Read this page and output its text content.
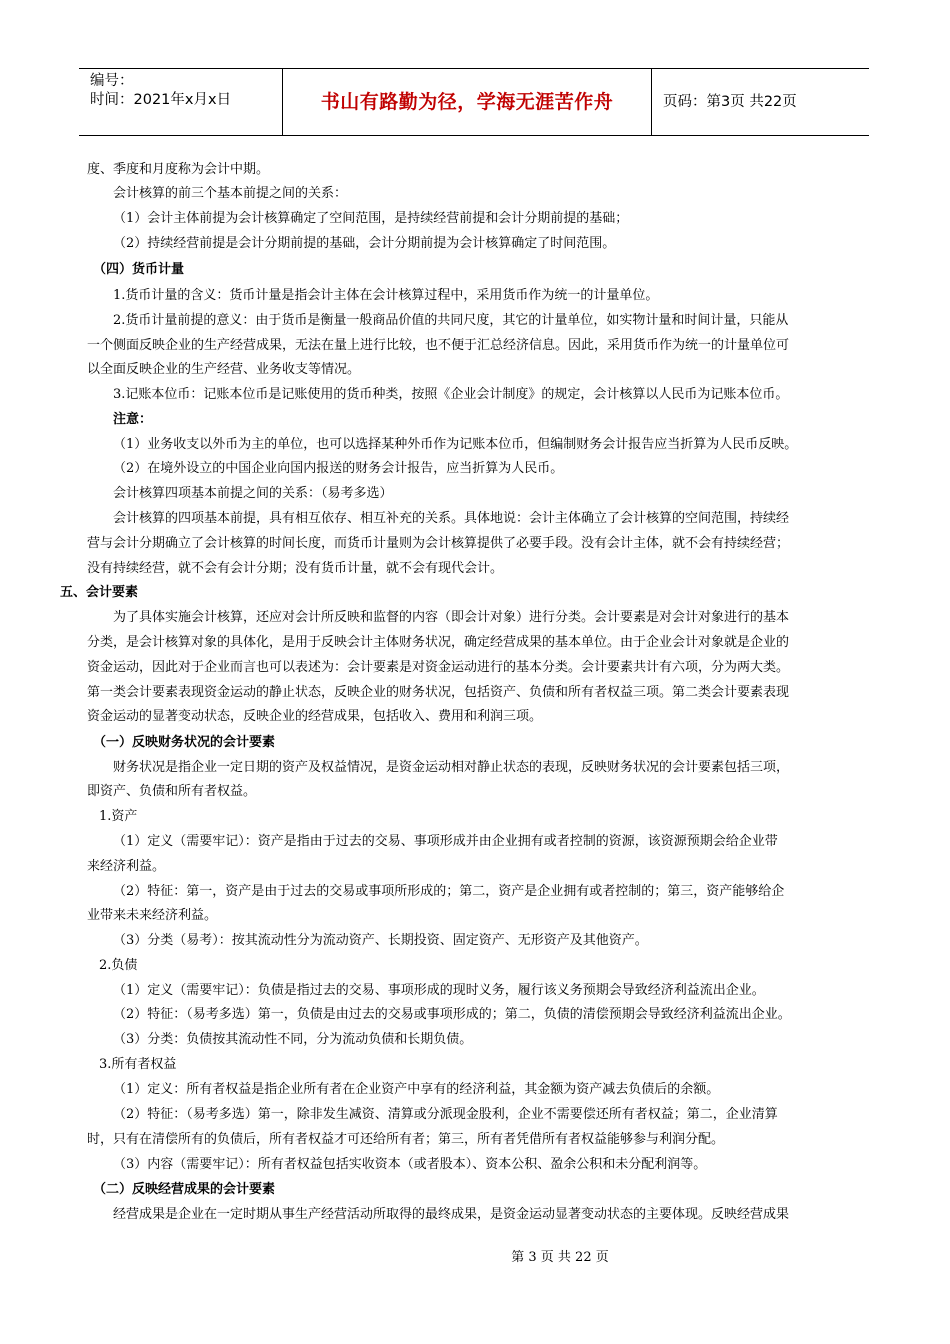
编号：
时间：2021年x月x日	书山有路勤为径，学海无涯苦作舟	页码：第3页 共22页
度、季度和月度称为会计中期。
会计核算的前三个基本前提之间的关系：
（1）会计主体前提为会计核算确定了空间范围，是持续经营前提和会计分期前提的基础；
（2）持续经营前提是会计分期前提的基础，会计分期前提为会计核算确定了时间范围。
（四）货币计量
1.货币计量的含义：货币计量是指会计主体在会计核算过程中，采用货币作为统一的计量单位。
2.货币计量前提的意义：由于货币是衡量一般商品价值的共同尺度，其它的计量单位，如实物计量和时间计量，只能从
一个侧面反映企业的生产经营成果，无法在量上进行比较，也不便于汇总经济信息。因此，采用货币作为统一的计量单位可
以全面反映企业的生产经营、业务收支等情况。
3.记账本位币：记账本位币是记账使用的货币种类，按照《企业会计制度》的规定，会计核算以人民币为记账本位币。
注意：
（1）业务收支以外币为主的单位，也可以选择某种外币作为记账本位币，但编制财务会计报告应当折算为人民币反映。
（2）在境外设立的中国企业向国内报送的财务会计报告，应当折算为人民币。
会计核算四项基本前提之间的关系：（易考多选）
会计核算的四项基本前提，具有相互依存、相互补充的关系。具体地说：会计主体确立了会计核算的空间范围，持续经
营与会计分期确立了会计核算的时间长度，而货币计量则为会计核算提供了必要手段。没有会计主体，就不会有持续经营；
没有持续经营，就不会有会计分期；没有货币计量，就不会有现代会计。
五、会计要素
为了具体实施会计核算，还应对会计所反映和监督的内容（即会计对象）进行分类。会计要素是对会计对象进行的基本
分类，是会计核算对象的具体化，是用于反映会计主体财务状况，确定经营成果的基本单位。由于企业会计对象就是企业的
资金运动，因此对于企业而言也可以表述为：会计要素是对资金运动进行的基本分类。会计要素共计有六项，分为两大类。
第一类会计要素表现资金运动的静止状态，反映企业的财务状况，包括资产、负债和所有者权益三项。第二类会计要素表现
资金运动的显著变动状态，反映企业的经营成果，包括收入、费用和利润三项。
（一）反映财务状况的会计要素
财务状况是指企业一定日期的资产及权益情况，是资金运动相对静止状态的表现，反映财务状况的会计要素包括三项，
即资产、负债和所有者权益。
1.资产
（1）定义（需要牢记）：资产是指由于过去的交易、事项形成并由企业拥有或者控制的资源，该资源预期会给企业带
来经济利益。
（2）特征：第一，资产是由于过去的交易或事项所形成的；第二，资产是企业拥有或者控制的；第三，资产能够给企
业带来未来经济利益。
（3）分类（易考）：按其流动性分为流动资产、长期投资、固定资产、无形资产及其他资产。
2.负债
（1）定义（需要牢记）：负债是指过去的交易、事项形成的现时义务，履行该义务预期会导致经济利益流出企业。
（2）特征：（易考多选）第一，负债是由过去的交易或事项形成的；第二，负债的清偿预期会导致经济利益流出企业。
（3）分类：负债按其流动性不同，分为流动负债和长期负债。
3.所有者权益
（1）定义：所有者权益是指企业所有者在企业资产中享有的经济利益，其金额为资产减去负债后的余额。
（2）特征：（易考多选）第一，除非发生减资、清算或分派现金股利，企业不需要偿还所有者权益；第二，企业清算
时，只有在清偿所有的负债后，所有者权益才可还给所有者；第三，所有者凭借所有者权益能够参与利润分配。
（3）内容（需要牢记）：所有者权益包括实收资本（或者股本）、资本公积、盈余公积和未分配利润等。
（二）反映经营成果的会计要素
经营成果是企业在一定时期从事生产经营活动所取得的最终成果，是资金运动显著变动状态的主要体现。反映经营成果
第 3 页 共 22 页
